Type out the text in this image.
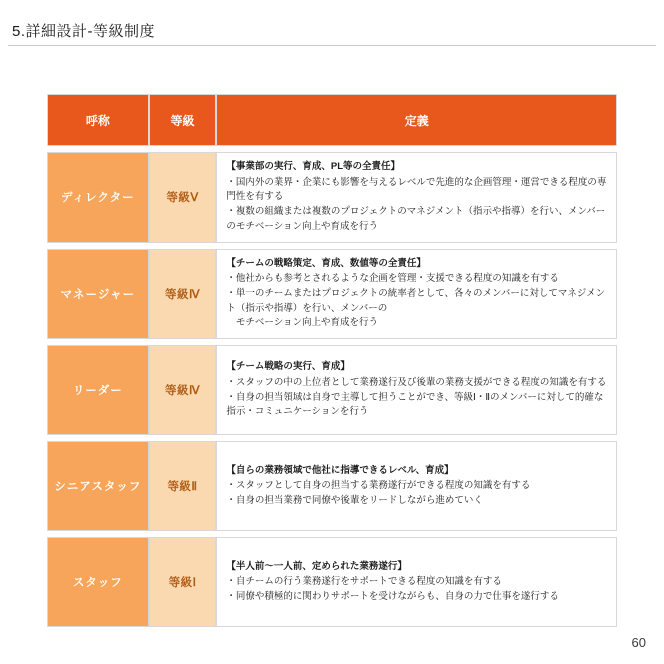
5.詳細設計-等級制度
呼称	等級	定義
ディレクター	等級Ⅴ	【事業部の実行、育成、PL等の全責任】
・国内外の業界・企業にも影響を与えるレベルで先進的な企画管理・運営できる程度の専門性を有する
・複数の組織または複数のプロジェクトのマネジメント（指示や指導）を行い、メンバーのモチベーション向上や育成を行う

マネージャー	等級Ⅳ	【チームの戦略策定、育成、数値等の全責任】
・他社からも参考とされるような企画を管理・支援できる程度の知識を有する
・単一のチームまたはプロジェクトの統率者として、各々のメンバーに対してマネジメント（指示や指導）を行い、メンバーの
　モチベーション向上や育成を行う

リーダー	等級Ⅳ	【チーム戦略の実行、育成】
・スタッフの中の上位者として業務遂行及び後輩の業務支援ができる程度の知識を有する
・自身の担当領域は自身で主導して担うことができ、等級Ⅰ・Ⅱのメンバーに対して的確な指示・コミュニケーションを行う

シニアスタッフ	等級Ⅱ	【自らの業務領域で他社に指導できるレベル、育成】
・スタッフとして自身の担当する業務遂行ができる程度の知識を有する
・自身の担当業務で同僚や後輩をリードしながら進めていく

スタッフ	等級Ⅰ	【半人前～一人前、定められた業務遂行】
・自チームの行う業務遂行をサポートできる程度の知識を有する
・同僚や積極的に関わりサポートを受けながらも、自身の力で仕事を遂行する
60
